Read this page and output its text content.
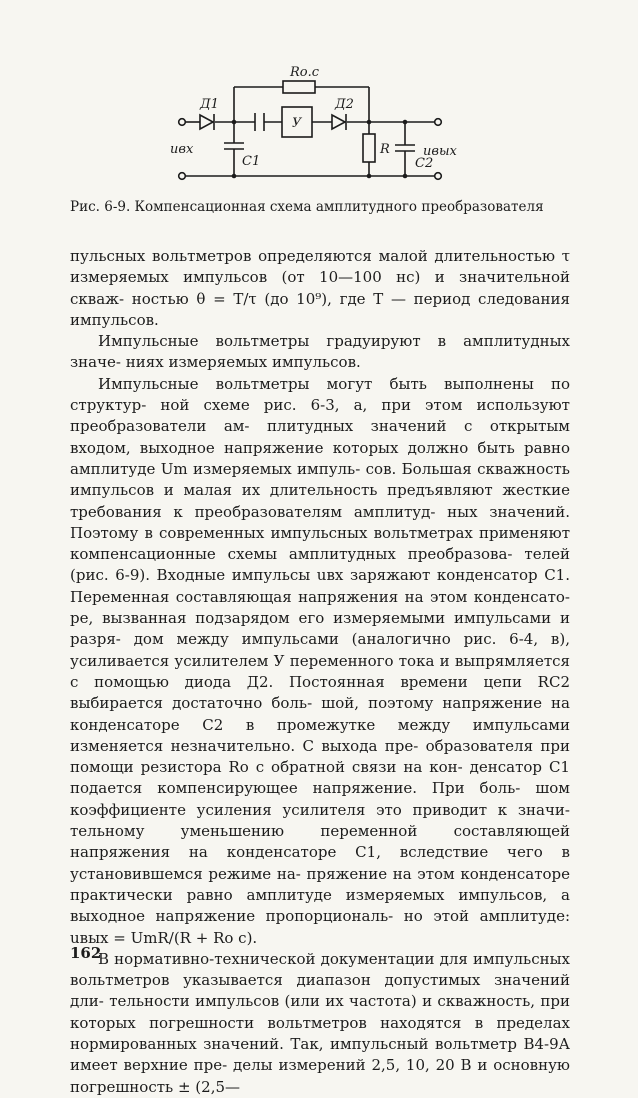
Д1	Д2
Rо.с
У
C1	C2
R
uвх	uвых
Рис. 6-9. Компенсационная схема амплитудного преобразователя

пульсных вольтметров определяются малой длительностью τ измеряемых импульсов (от 10—100 нс) и значительной скваж- ностью θ = T/τ (до 10⁹), где T — период следования импульсов.

Импульсные вольтметры градуируют в амплитудных значе- ниях измеряемых импульсов.

Импульсные вольтметры могут быть выполнены по структур- ной схеме рис. 6-3, а, при этом используют преобразователи ам- плитудных значений с открытым входом, выходное напряжение которых должно быть равно амплитуде Um измеряемых импуль- сов. Большая скважность импульсов и малая их длительность предъявляют жесткие требования к преобразователям амплитуд- ных значений. Поэтому в современных импульсных вольтметрах применяют компенсационные схемы амплитудных преобразова- телей (рис. 6-9). Входные импульсы uвх заряжают конденсатор C1. Переменная составляющая напряжения на этом конденсато- ре, вызванная подзарядом его измеряемыми импульсами и разря- дом между импульсами (аналогично рис. 6-4, в), усиливается усилителем У переменного тока и выпрямляется с помощью диода Д2. Постоянная времени цепи RC2 выбирается достаточно боль- шой, поэтому напряжение на конденсаторе C2 в промежутке между импульсами изменяется незначительно. С выхода пре- образователя при помощи резистора Rо с обратной связи на кон- денсатор C1 подается компенсирующее напряжение. При боль- шом коэффициенте усиления усилителя это приводит к значи- тельному уменьшению переменной составляющей напряжения на конденсаторе C1, вследствие чего в установившемся режиме на- пряжение на этом конденсаторе практически равно амплитуде измеряемых импульсов, а выходное напряжение пропорциональ- но этой амплитуде: uвых = UmR/(R + Rо с).

В нормативно-технической документации для импульсных вольтметров указывается диапазон допустимых значений дли- тельности импульсов (или их частота) и скважность, при которых погрешности вольтметров находятся в пределах нормированных значений. Так, импульсный вольтметр В4-9А имеет верхние пре- делы измерений 2,5, 10, 20 В и основную погрешность ± (2,5—

162
